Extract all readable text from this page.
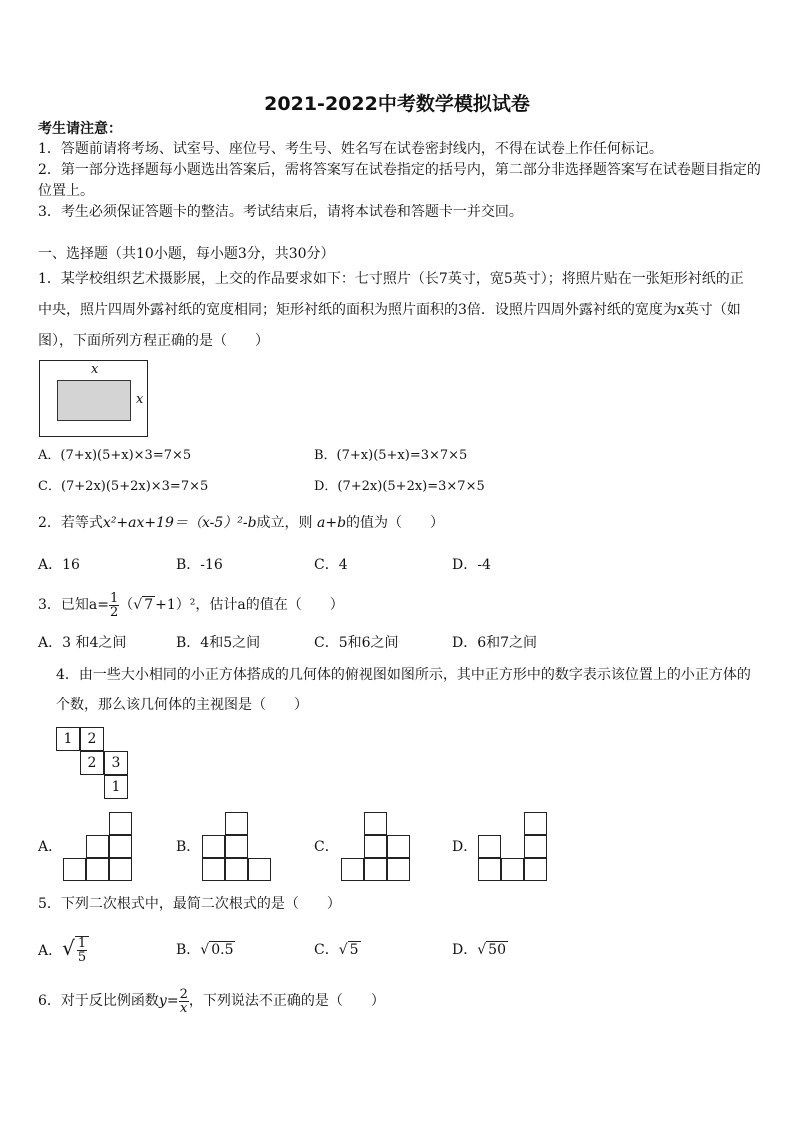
2021-2022中考数学模拟试卷
考生请注意：
1．答题前请将考场、试室号、座位号、考生号、姓名写在试卷密封线内，不得在试卷上作任何标记。
2．第一部分选择题每小题选出答案后，需将答案写在试卷指定的括号内，第二部分非选择题答案写在试卷题目指定的
位置上。
3．考生必须保证答题卡的整洁。考试结束后，请将本试卷和答题卡一并交回。
一、选择题（共10小题，每小题3分，共30分）
1．某学校组织艺术摄影展，上交的作品要求如下：七寸照片（长7英寸，宽5英寸）；将照片贴在一张矩形衬纸的正
中央，照片四周外露衬纸的宽度相同；矩形衬纸的面积为照片面积的3倍．设照片四周外露衬纸的宽度为x英寸（如
图），下面所列方程正确的是（　　）
x
x
A．(7+x)(5+x)×3=7×5	B．(7+x)(5+x)=3×7×5
C．(7+2x)(5+2x)×3=7×5	D．(7+2x)(5+2x)=3×7×5
2．若等式x²+ax+19＝（x-5）²-b成立，则 a+b的值为（　　）
A．16	B．-16	C．4	D．-4
3．已知$a= \frac{1}{2}$ （√ 7 +1）²，估计a的值在（　　）
A．3 和4之间	B．4和5之间	C．5和6之间	D．6和7之间
4．由一些大小相同的小正方体搭成的几何体的俯视图如图所示，其中正方形中的数字表示该位置上的小正方体的
个数，那么该几何体的主视图是（　　）
1	2
2	3
1
A．	B．	C．	D．
5．下列二次根式中，最简二次根式的是（　　）
A．√ $\frac{1}{5}$	B．√ 0.5	C．√ 5	D．√ 50
6．对于反比例函数$y= \frac{2}{x}$ ，下列说法不正确的是（　　）
